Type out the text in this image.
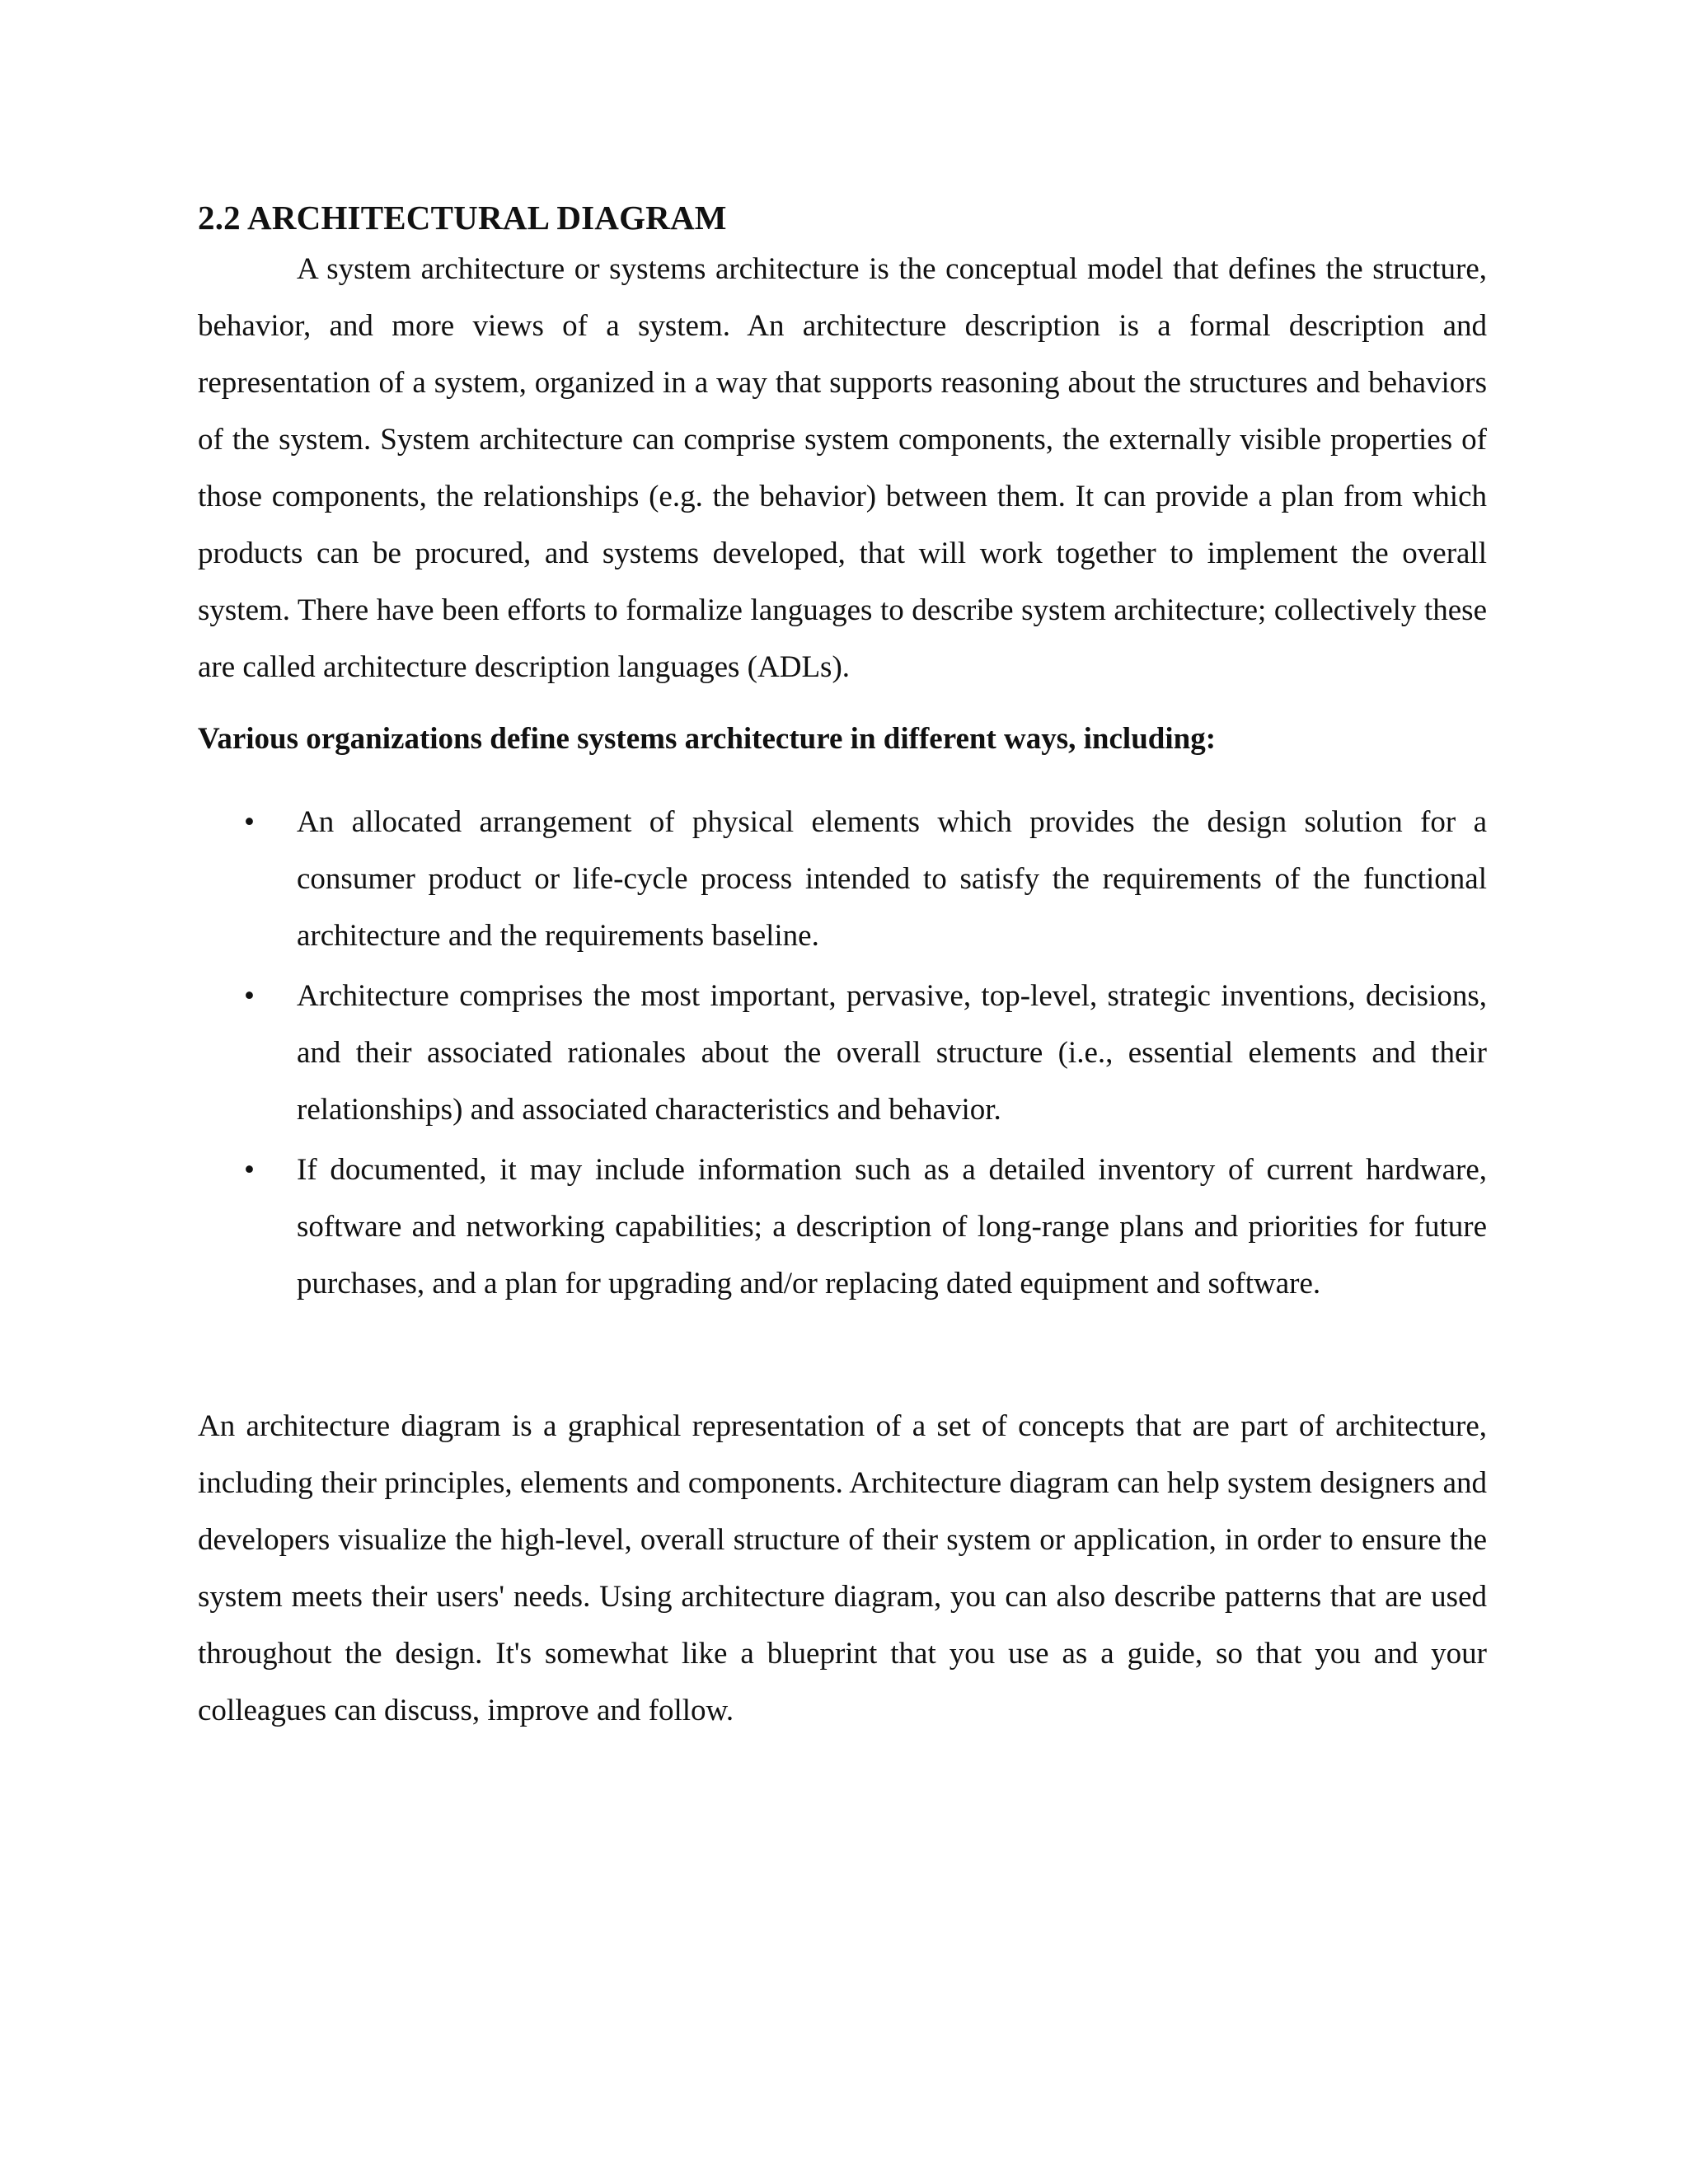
2.2 ARCHITECTURAL DIAGRAM

A system architecture or systems architecture is the conceptual model that defines the structure, behavior, and more views of a system. An architecture description is a formal description and representation of a system, organized in a way that supports reasoning about the structures and behaviors of the system. System architecture can comprise system components, the externally visible properties of those components, the relationships (e.g. the behavior) between them. It can provide a plan from which products can be procured, and systems developed, that will work together to implement the overall system. There have been efforts to formalize languages to describe system architecture; collectively these are called architecture description languages (ADLs).

Various organizations define systems architecture in different ways, including:

• An allocated arrangement of physical elements which provides the design solution for a consumer product or life-cycle process intended to satisfy the requirements of the functional architecture and the requirements baseline.
• Architecture comprises the most important, pervasive, top-level, strategic inventions, decisions, and their associated rationales about the overall structure (i.e., essential elements and their relationships) and associated characteristics and behavior.
• If documented, it may include information such as a detailed inventory of current hardware, software and networking capabilities; a description of long-range plans and priorities for future purchases, and a plan for upgrading and/or replacing dated equipment and software.

An architecture diagram is a graphical representation of a set of concepts that are part of architecture, including their principles, elements and components. Architecture diagram can help system designers and developers visualize the high-level, overall structure of their system or application, in order to ensure the system meets their users' needs. Using architecture diagram, you can also describe patterns that are used throughout the design. It's somewhat like a blueprint that you use as a guide, so that you and your colleagues can discuss, improve and follow.
